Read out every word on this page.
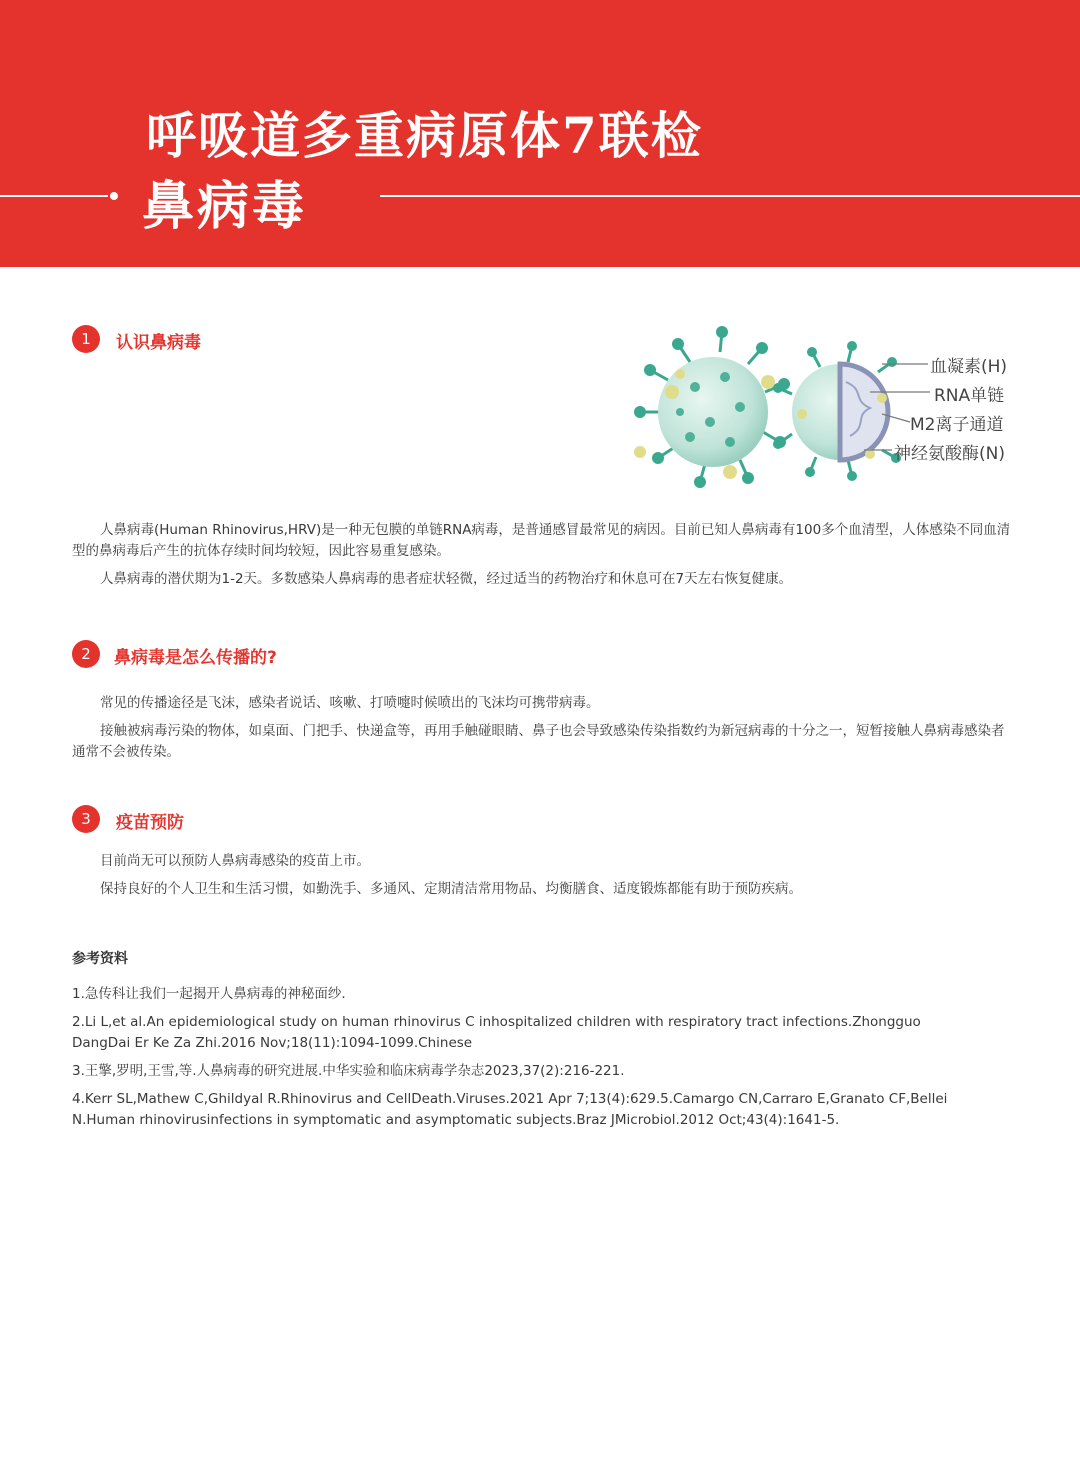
呼吸道多重病原体7联检
鼻病毒
1	认识鼻病毒
血凝素(H)
RNA单链
M2离子通道
神经氨酸酶(N)

人鼻病毒(Human Rhinovirus,HRV)是一种无包膜的单链RNA病毒，是普通感冒最常见的病因。目前已知人鼻病毒有100多个血清型，人体感染不同血清型的鼻病毒后产生的抗体存续时间均较短，因此容易重复感染。

人鼻病毒的潜伏期为1-2天。多数感染人鼻病毒的患者症状轻微，经过适当的药物治疗和休息可在7天左右恢复健康。

2	鼻病毒是怎么传播的?

常见的传播途径是飞沫，感染者说话、咳嗽、打喷嚏时候喷出的飞沫均可携带病毒。

接触被病毒污染的物体，如桌面、门把手、快递盒等，再用手触碰眼睛、鼻子也会导致感染传染指数约为新冠病毒的十分之一，短暂接触人鼻病毒感染者通常不会被传染。

3	疫苗预防

目前尚无可以预防人鼻病毒感染的疫苗上市。

保持良好的个人卫生和生活习惯，如勤洗手、多通风、定期清洁常用物品、均衡膳食、适度锻炼都能有助于预防疾病。

参考资料

1.急传科让我们一起揭开人鼻病毒的神秘面纱.

2.Li L,et al.An epidemiological study on human rhinovirus C inhospitalized children with respiratory tract infections.Zhongguo DangDai Er Ke Za Zhi.2016 Nov;18(11):1094-1099.Chinese

3.王擎,罗明,王雪,等.人鼻病毒的研究进展.中华实验和临床病毒学杂志2023,37(2):216-221.

4.Kerr SL,Mathew C,Ghildyal R.Rhinovirus and CellDeath.Viruses.2021 Apr 7;13(4):629.5.Camargo CN,Carraro E,Granato CF,Bellei N.Human rhinovirusinfections in symptomatic and asymptomatic subjects.Braz JMicrobiol.2012 Oct;43(4):1641-5.
